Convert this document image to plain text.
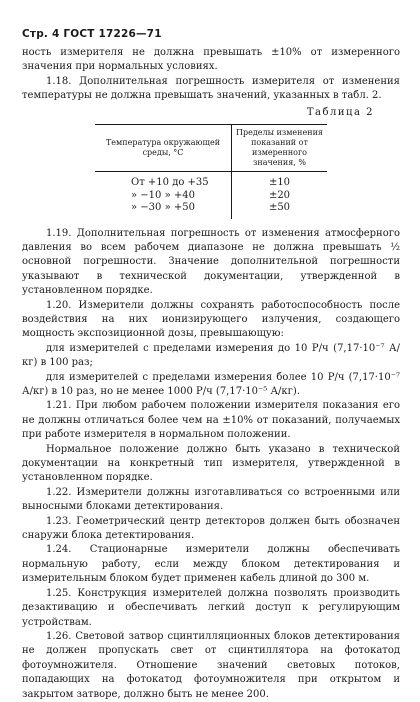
Стр. 4 ГОСТ 17226—71

ность измерителя не должна превышать ±10% от измеренного значения при нормальных условиях.

1.18. Дополнительная погрешность измерителя от изменения температуры не должна превышать значений, указанных в табл. 2.

Таблица 2
Температура окружающей среды, °C	Пределы изменения показаний от измеренного значения, %
От +10 до +35	±10
» −10 » +40	±20
» −30 » +50	±50

1.19. Дополнительная погрешность от изменения атмосферного давления во всем рабочем диапазоне не должна превышать ½ основной погрешности. Значение дополнительной погрешности указывают в технической документации, утвержденной в установленном порядке.

1.20. Измерители должны сохранять работоспособность после воздействия на них ионизирующего излучения, создающего мощность экспозиционной дозы, превышающую:

для измерителей с пределами измерения до 10 Р/ч (7,17·10⁻⁷ А/кг) в 100 раз;

для измерителей с пределами измерения более 10 Р/ч (7,17·10⁻⁷ А/кг) в 10 раз, но не менее 1000 Р/ч (7,17·10⁻⁵ А/кг).

1.21. При любом рабочем положении измерителя показания его не должны отличаться более чем на ±10% от показаний, получаемых при работе измерителя в нормальном положении.

Нормальное положение должно быть указано в технической документации на конкретный тип измерителя, утвержденной в установленном порядке.

1.22. Измерители должны изготавливаться со встроенными или выносными блоками детектирования.

1.23. Геометрический центр детекторов должен быть обозначен снаружи блока детектирования.

1.24. Стационарные измерители должны обеспечивать нормальную работу, если между блоком детектирования и измерительным блоком будет применен кабель длиной до 300 м.

1.25. Конструкция измерителей должна позволять производить дезактивацию и обеспечивать легкий доступ к регулирующим устройствам.

1.26. Световой затвор сцинтилляционных блоков детектирования не должен пропускать свет от сцинтиллятора на фотокатод фотоумножителя. Отношение значений световых потоков, попадающих на фотокатод фотоумножителя при открытом и закрытом затворе, должно быть не менее 200.
